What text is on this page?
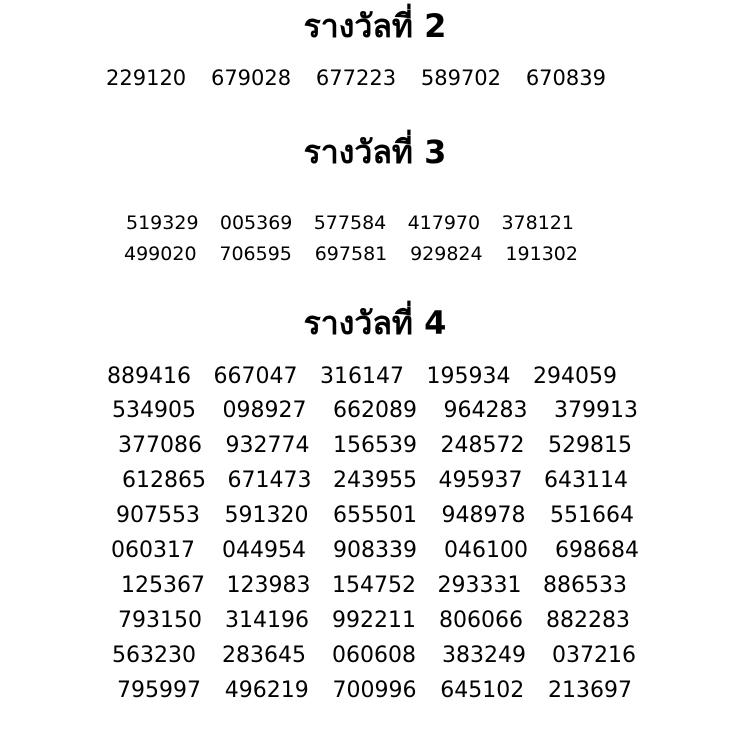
รางวัลที่ 2
229120 679028 677223 589702 670839
รางวัลที่ 3
519329 005369 577584 417970 378121
499020 706595 697581 929824 191302
รางวัลที่ 4
889416 667047 316147 195934 294059
534905 098927 662089 964283 379913
377086 932774 156539 248572 529815
612865 671473 243955 495937 643114
907553 591320 655501 948978 551664
060317 044954 908339 046100 698684
125367 123983 154752 293331 886533
793150 314196 992211 806066 882283
563230 283645 060608 383249 037216
795997 496219 700996 645102 213697
